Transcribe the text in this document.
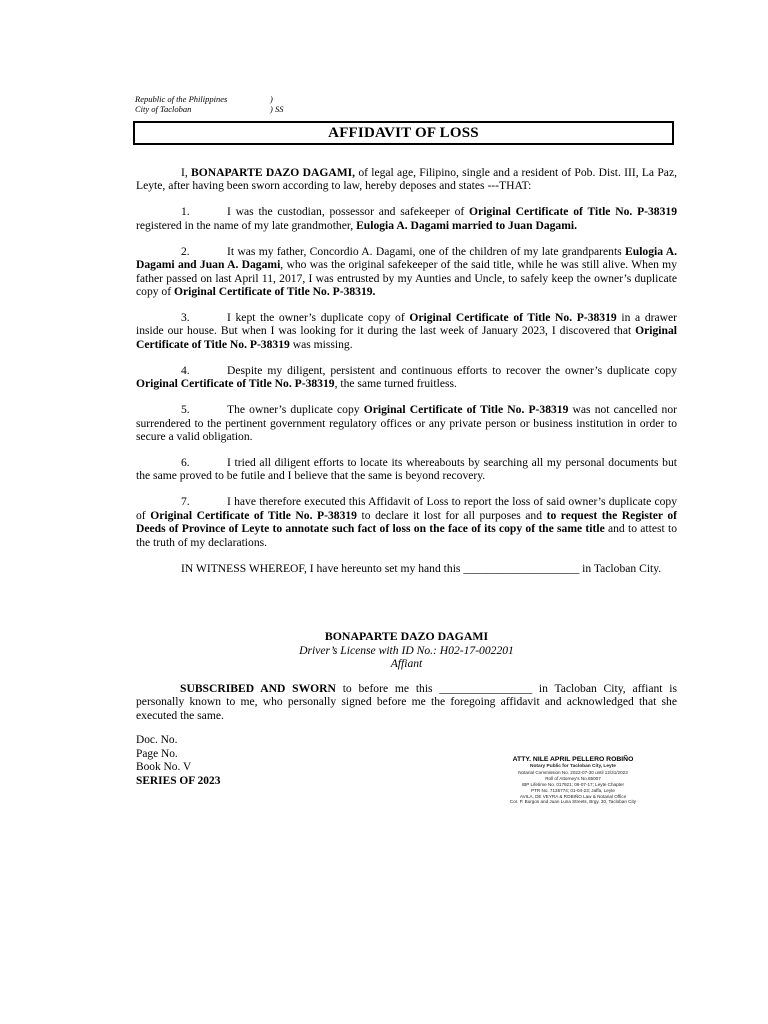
Republic of the Philippines	)
City of Tacloban	) SS
AFFIDAVIT OF LOSS

I, BONAPARTE DAZO DAGAMI, of legal age, Filipino, single and a resident of Pob. Dist. III, La Paz, Leyte, after having been sworn according to law, hereby deposes and states ---THAT:

1.	I was the custodian, possessor and safekeeper of Original Certificate of Title No. P-38319 registered in the name of my late grandmother, Eulogia A. Dagami married to Juan Dagami.

2.	It was my father, Concordio A. Dagami, one of the children of my late grandparents Eulogia A. Dagami and Juan A. Dagami, who was the original safekeeper of the said title, while he was still alive. When my father passed on last April 11, 2017, I was entrusted by my Aunties and Uncle, to safely keep the owner’s duplicate copy of Original Certificate of Title No. P-38319.

3.	I kept the owner’s duplicate copy of Original Certificate of Title No. P-38319 in a drawer inside our house. But when I was looking for it during the last week of January 2023, I discovered that Original Certificate of Title No. P-38319 was missing.

4.	Despite my diligent, persistent and continuous efforts to recover the owner’s duplicate copy Original Certificate of Title No. P-38319, the same turned fruitless.

5.	The owner’s duplicate copy Original Certificate of Title No. P-38319 was not cancelled nor surrendered to the pertinent government regulatory offices or any private person or business institution in order to secure a valid obligation.

6.	I tried all diligent efforts to locate its whereabouts by searching all my personal documents but the same proved to be futile and I believe that the same is beyond recovery.

7.	I have therefore executed this Affidavit of Loss to report the loss of said owner’s duplicate copy of Original Certificate of Title No. P-38319 to declare it lost for all purposes and to request the Register of Deeds of Province of Leyte to annotate such fact of loss on the face of its copy of the same title and to attest to the truth of my declarations.

IN WITNESS WHEREOF, I have hereunto set my hand this ____________________ in Tacloban City.

BONAPARTE DAZO DAGAMI
Driver’s License with ID No.: H02-17-002201
Affiant
SUBSCRIBED AND SWORN to before me this ________________ in Tacloban City, affiant is personally known to me, who personally signed before me the foregoing affidavit and acknowledged that she executed the same.
Doc. No.
Page No.
Book No. V
SERIES OF 2023
ATTY. NILE APRIL PELLERO ROBIÑO
Notary Public for Tacloban City, Leyte
Notarial Commission No. 2022-07-30 until 12/31/2023
Roll of Attorney's No.65007
IBP Lifetime No. 017921; 06-07-17; Leyte Chapter
PTR No. 7135774; 01-04-23; Jaffa, Leyte
AVILA, DE VEYRA & ROBIÑO Law & Notarial Office
Cor. P. Burgos and Juan Luna Streets, Brgy. 30, Tacloban City
